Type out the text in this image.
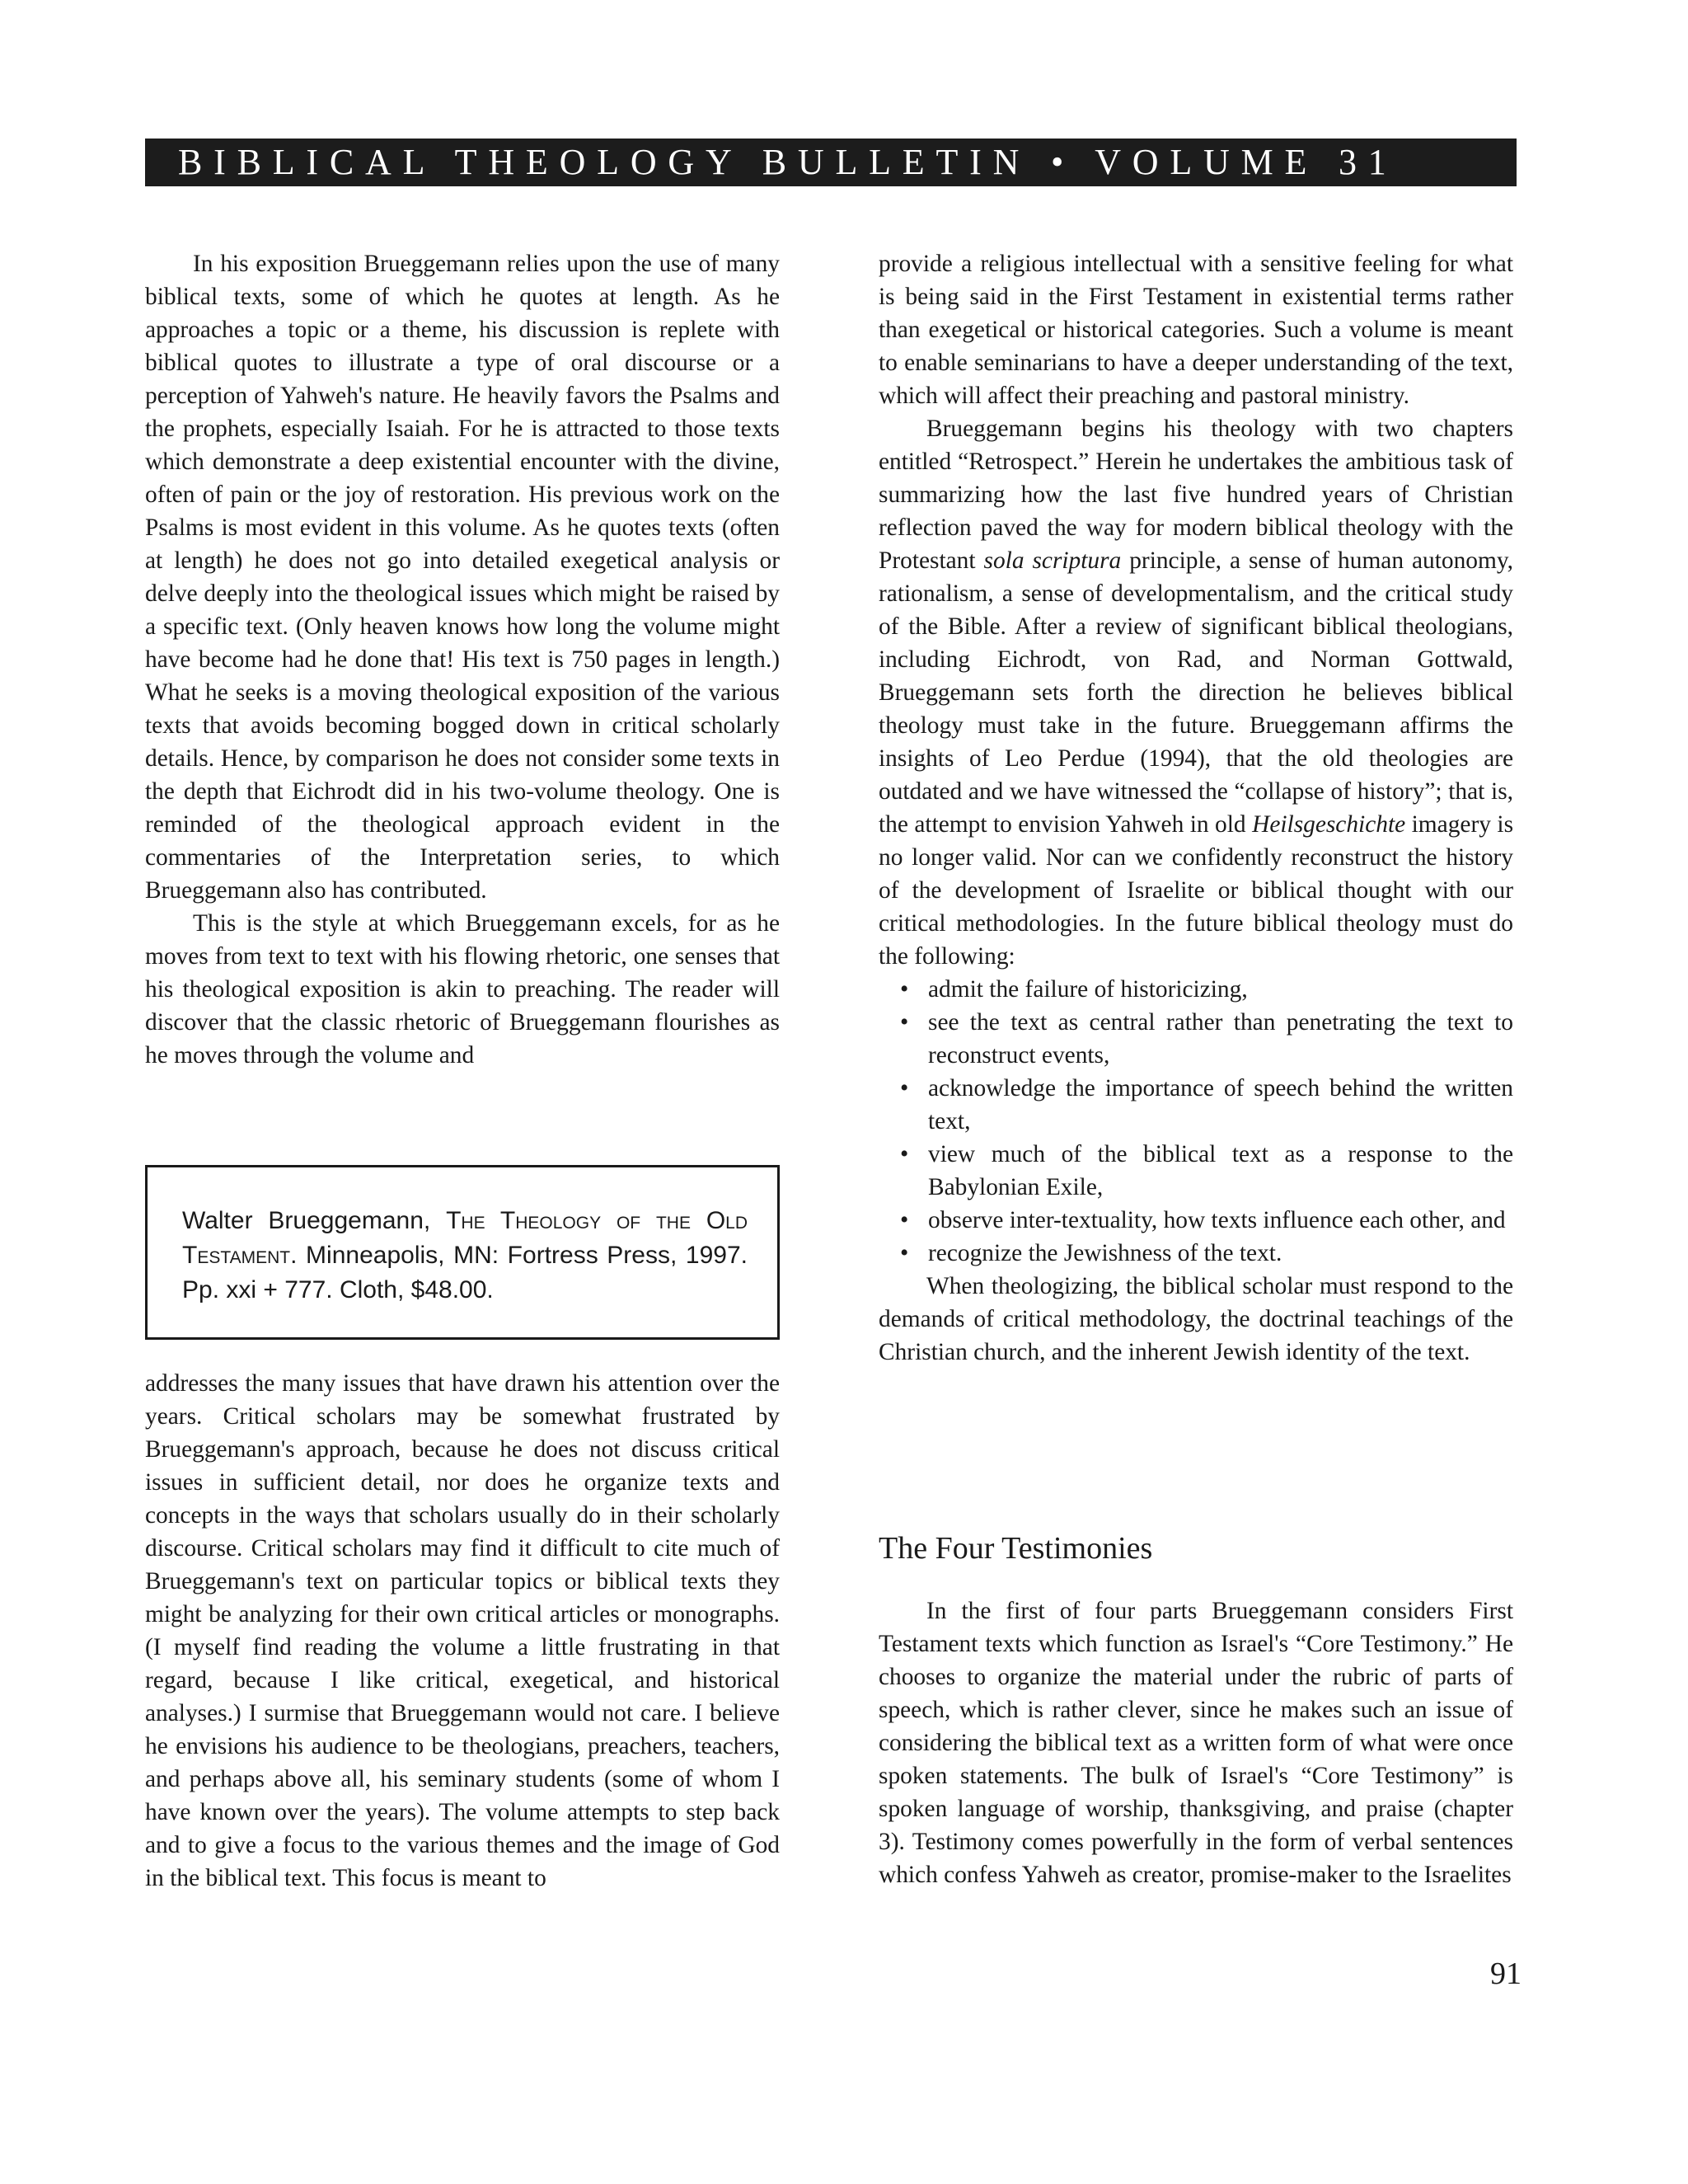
BIBLICAL THEOLOGY BULLETIN • VOLUME 31

In his exposition Brueggemann relies upon the use of many biblical texts, some of which he quotes at length. As he approaches a topic or a theme, his discussion is replete with biblical quotes to illustrate a type of oral discourse or a perception of Yahweh's nature. He heavily favors the Psalms and the prophets, especially Isaiah. For he is attracted to those texts which demonstrate a deep existential encounter with the divine, often of pain or the joy of restoration. His previous work on the Psalms is most evident in this volume. As he quotes texts (often at length) he does not go into detailed exegetical analysis or delve deeply into the theological issues which might be raised by a specific text. (Only heaven knows how long the volume might have become had he done that! His text is 750 pages in length.) What he seeks is a moving theological exposition of the various texts that avoids becoming bogged down in critical scholarly details. Hence, by comparison he does not consider some texts in the depth that Eichrodt did in his two-volume theology. One is reminded of the theological approach evident in the commentaries of the Interpretation series, to which Brueggemann also has contributed.

This is the style at which Brueggemann excels, for as he moves from text to text with his flowing rhetoric, one senses that his theological exposition is akin to preaching. The reader will discover that the classic rhetoric of Brueggemann flourishes as he moves through the volume and

Walter Brueggemann, The Theology of the Old Testament. Minneapolis, MN: Fortress Press, 1997. Pp. xxi + 777. Cloth, $48.00.

addresses the many issues that have drawn his attention over the years. Critical scholars may be somewhat frustrated by Brueggemann's approach, because he does not discuss critical issues in sufficient detail, nor does he organize texts and concepts in the ways that scholars usually do in their scholarly discourse. Critical scholars may find it difficult to cite much of Brueggemann's text on particular topics or biblical texts they might be analyzing for their own critical articles or monographs. (I myself find reading the volume a little frustrating in that regard, because I like critical, exegetical, and historical analyses.) I surmise that Brueggemann would not care. I believe he envisions his audience to be theologians, preachers, teachers, and perhaps above all, his seminary students (some of whom I have known over the years). The volume attempts to step back and to give a focus to the various themes and the image of God in the biblical text. This focus is meant to

provide a religious intellectual with a sensitive feeling for what is being said in the First Testament in existential terms rather than exegetical or historical categories. Such a volume is meant to enable seminarians to have a deeper understanding of the text, which will affect their preaching and pastoral ministry.

Brueggemann begins his theology with two chapters entitled “Retrospect.” Herein he undertakes the ambitious task of summarizing how the last five hundred years of Christian reflection paved the way for modern biblical theology with the Protestant sola scriptura principle, a sense of human autonomy, rationalism, a sense of developmentalism, and the critical study of the Bible. After a review of significant biblical theologians, including Eichrodt, von Rad, and Norman Gottwald, Brueggemann sets forth the direction he believes biblical theology must take in the future. Brueggemann affirms the insights of Leo Perdue (1994), that the old theologies are outdated and we have witnessed the “collapse of history”; that is, the attempt to envision Yahweh in old Heilsgeschichte imagery is no longer valid. Nor can we confidently reconstruct the history of the development of Israelite or biblical thought with our critical methodologies. In the future biblical theology must do the following:

• admit the failure of historicizing,
• see the text as central rather than penetrating the text to reconstruct events,
• acknowledge the importance of speech behind the written text,
• view much of the biblical text as a response to the Babylonian Exile,
• observe inter-textuality, how texts influence each other, and
• recognize the Jewishness of the text.

When theologizing, the biblical scholar must respond to the demands of critical methodology, the doctrinal teachings of the Christian church, and the inherent Jewish identity of the text.

The Four Testimonies

In the first of four parts Brueggemann considers First Testament texts which function as Israel's “Core Testimony.” He chooses to organize the material under the rubric of parts of speech, which is rather clever, since he makes such an issue of considering the biblical text as a written form of what were once spoken statements. The bulk of Israel's “Core Testimony” is spoken language of worship, thanksgiving, and praise (chapter 3). Testimony comes powerfully in the form of verbal sentences which confess Yahweh as creator, promise-maker to the Israelites

91
